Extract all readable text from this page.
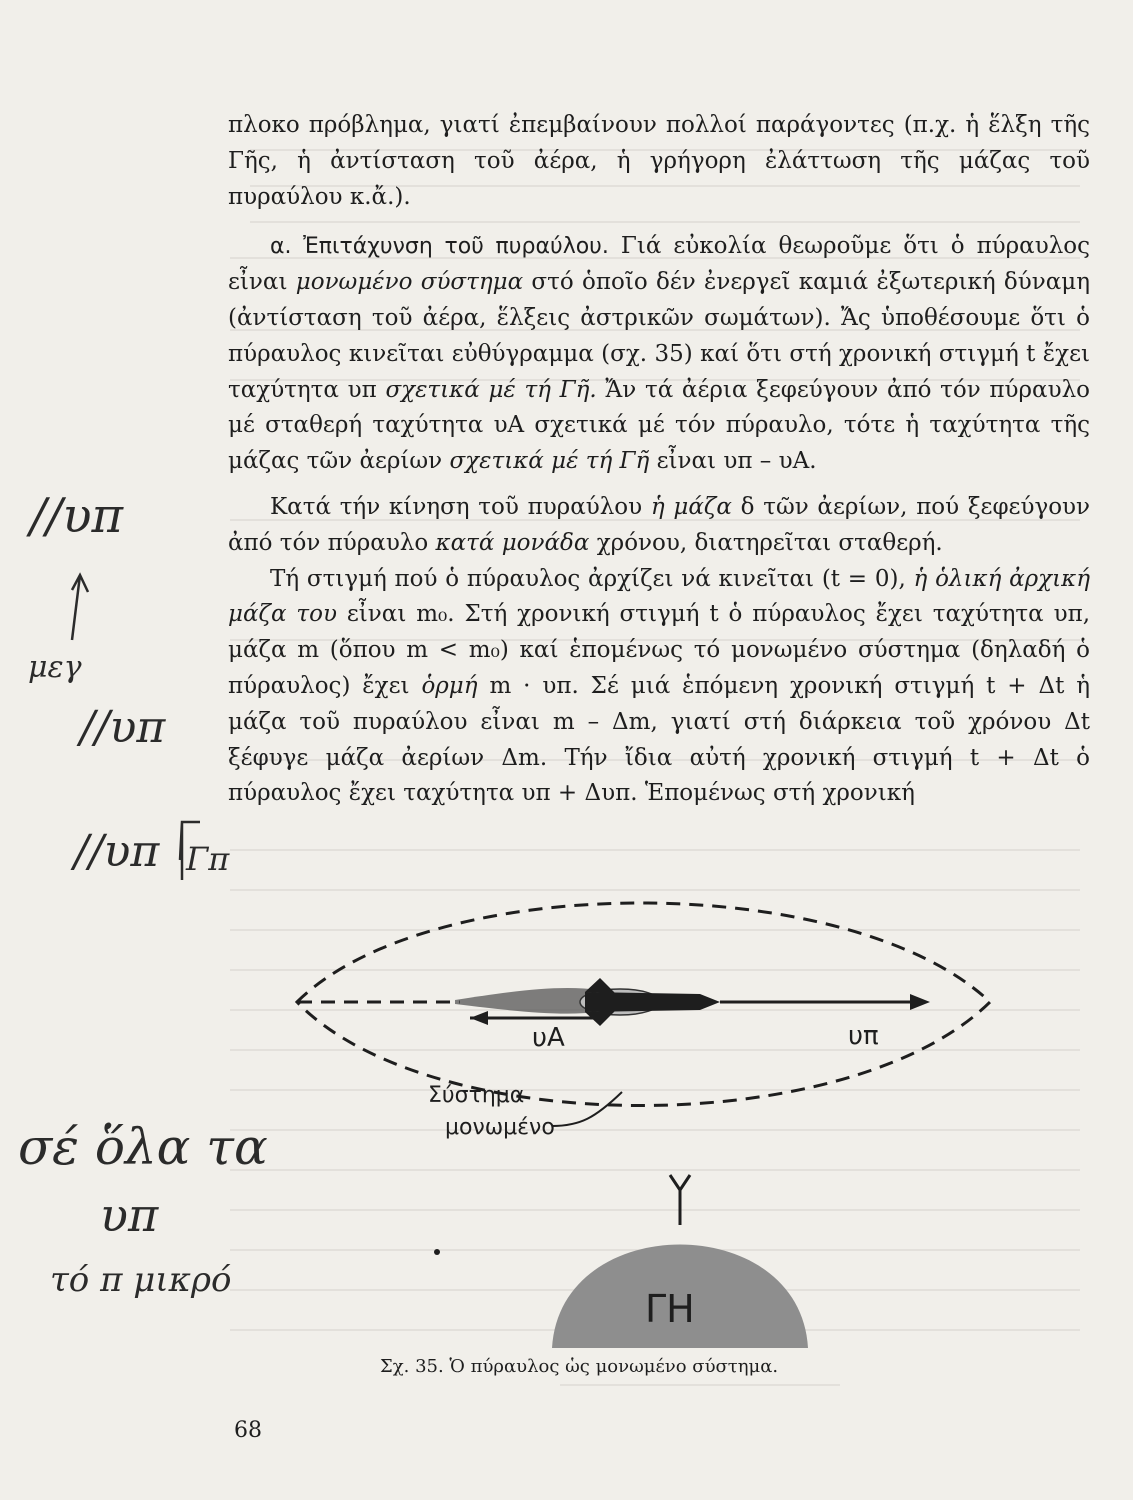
πλοκο πρόβλημα, γιατί ἐπεμβαίνουν πολλοί παράγοντες (π.χ. ἡ ἕλξη τῆς Γῆς, ἡ ἀντίσταση τοῦ ἀέρα, ἡ γρήγορη ἐλάττωση τῆς μάζας τοῦ πυραύλου κ.ἄ.).

α. Ἐπιτάχυνση τοῦ πυραύλου. Γιά εὐκολία θεωροῦμε ὅτι ὁ πύραυλος εἶναι μονωμένο σύστημα στό ὁποῖο δέν ἐνεργεῖ καμιά ἐξωτερική δύναμη (ἀντίσταση τοῦ ἀέρα, ἕλξεις ἀστρικῶν σωμάτων). Ἄς ὑποθέσουμε ὅτι ὁ πύραυλος κινεῖται εὐθύγραμμα (σχ. 35) καί ὅτι στή χρονική στιγμή t ἔχει ταχύτητα υπ σχετικά μέ τή Γῆ. Ἄν τά ἀέρια ξεφεύγουν ἀπό τόν πύραυλο μέ σταθερή ταχύτητα υΑ σχετικά μέ τόν πύραυλο, τότε ἡ ταχύτητα τῆς μάζας τῶν ἀερίων σχετικά μέ τή Γῆ εἶναι υπ – υΑ.

Κατά τήν κίνηση τοῦ πυραύλου ἡ μάζα δ τῶν ἀερίων, πού ξεφεύγουν ἀπό τόν πύραυλο κατά μονάδα χρόνου, διατηρεῖται σταθερή.

Τή στιγμή πού ὁ πύραυλος ἀρχίζει νά κινεῖται (t = 0), ἡ ὁλική ἀρχική μάζα του εἶναι m₀. Στή χρονική στιγμή t ὁ πύραυλος ἔχει ταχύτητα υπ, μάζα m (ὅπου m < m₀) καί ἑπομένως τό μονωμένο σύστημα (δηλαδή ὁ πύραυλος) ἔχει ὁρμή m · υπ. Σέ μιά ἑπόμενη χρονική στιγμή t + Δt ἡ μάζα τοῦ πυραύλου εἶναι m – Δm, γιατί στή διάρκεια τοῦ χρόνου Δt ξέφυγε μάζα ἀερίων Δm. Τήν ἴδια αὐτή χρονική στιγμή t + Δt ὁ πύραυλος ἔχει ταχύτητα υπ + Δυπ. Ἑπομένως στή χρονική

υΑ	υπ
Σύστημα
μονωμένο
ΓΗ
Σχ. 35. Ὁ πύραυλος ὡς μονωμένο σύστημα.
68
//υπ
μεγ
//υπ
//υπ Γπ
σέ ὅλα τα
υπ
τό π μικρό
